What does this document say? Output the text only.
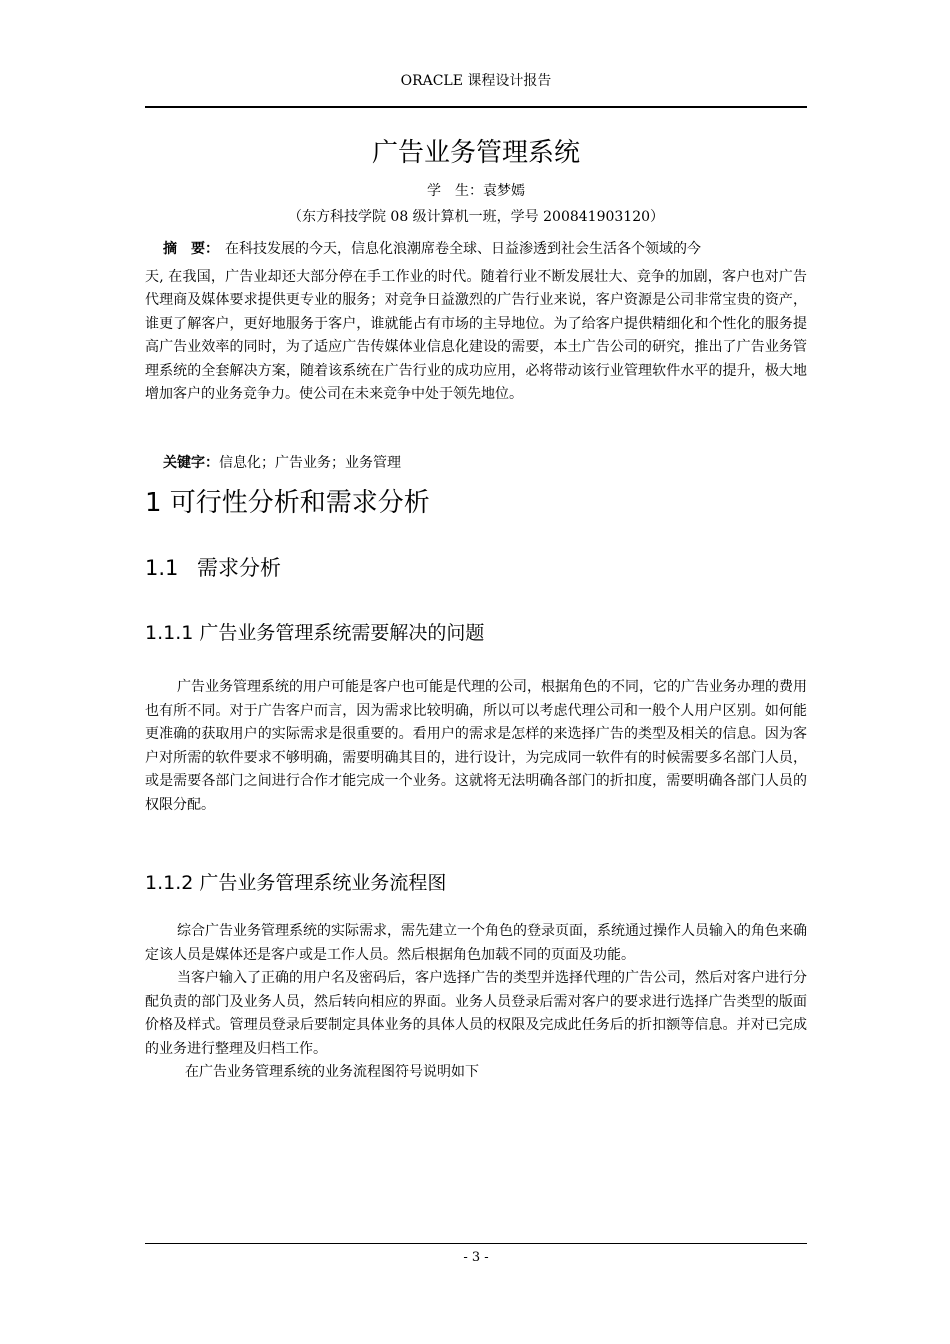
ORACLE 课程设计报告
广告业务管理系统
学　生：袁梦嫣
（东方科技学院 08 级计算机一班，学号 200841903120）
摘　要： 在科技发展的今天，信息化浪潮席卷全球、日益渗透到社会生活各个领域的今
天, 在我国，广告业却还大部分停在手工作业的时代。随着行业不断发展壮大、竞争的加剧，客户也对广告代理商及媒体要求提供更专业的服务；对竞争日益激烈的广告行业来说，客户资源是公司非常宝贵的资产，谁更了解客户，更好地服务于客户，谁就能占有市场的主导地位。为了给客户提供精细化和个性化的服务提高广告业效率的同时，为了适应广告传媒体业信息化建设的需要，本土广告公司的研究，推出了广告业务管理系统的全套解决方案，随着该系统在广告行业的成功应用，必将带动该行业管理软件水平的提升，极大地增加客户的业务竞争力。使公司在未来竞争中处于领先地位。
关键字：信息化；广告业务；业务管理
1 可行性分析和需求分析
1.1 需求分析
1.1.1 广告业务管理系统需要解决的问题

广告业务管理系统的用户可能是客户也可能是代理的公司，根据角色的不同，它的广告业务办理的费用也有所不同。对于广告客户而言，因为需求比较明确，所以可以考虑代理公司和一般个人用户区别。如何能更准确的获取用户的实际需求是很重要的。看用户的需求是怎样的来选择广告的类型及相关的信息。因为客户对所需的软件要求不够明确，需要明确其目的，进行设计，为完成同一软件有的时候需要多名部门人员，或是需要各部门之间进行合作才能完成一个业务。这就将无法明确各部门的折扣度，需要明确各部门人员的权限分配。

1.1.2 广告业务管理系统业务流程图

综合广告业务管理系统的实际需求，需先建立一个角色的登录页面，系统通过操作人员输入的角色来确定该人员是媒体还是客户或是工作人员。然后根据角色加载不同的页面及功能。

当客户输入了正确的用户名及密码后，客户选择广告的类型并选择代理的广告公司，然后对客户进行分配负责的部门及业务人员，然后转向相应的界面。业务人员登录后需对客户的要求进行选择广告类型的版面价格及样式。管理员登录后要制定具体业务的具体人员的权限及完成此任务后的折扣额等信息。并对已完成的业务进行整理及归档工作。

在广告业务管理系统的业务流程图符号说明如下

- 3 -
